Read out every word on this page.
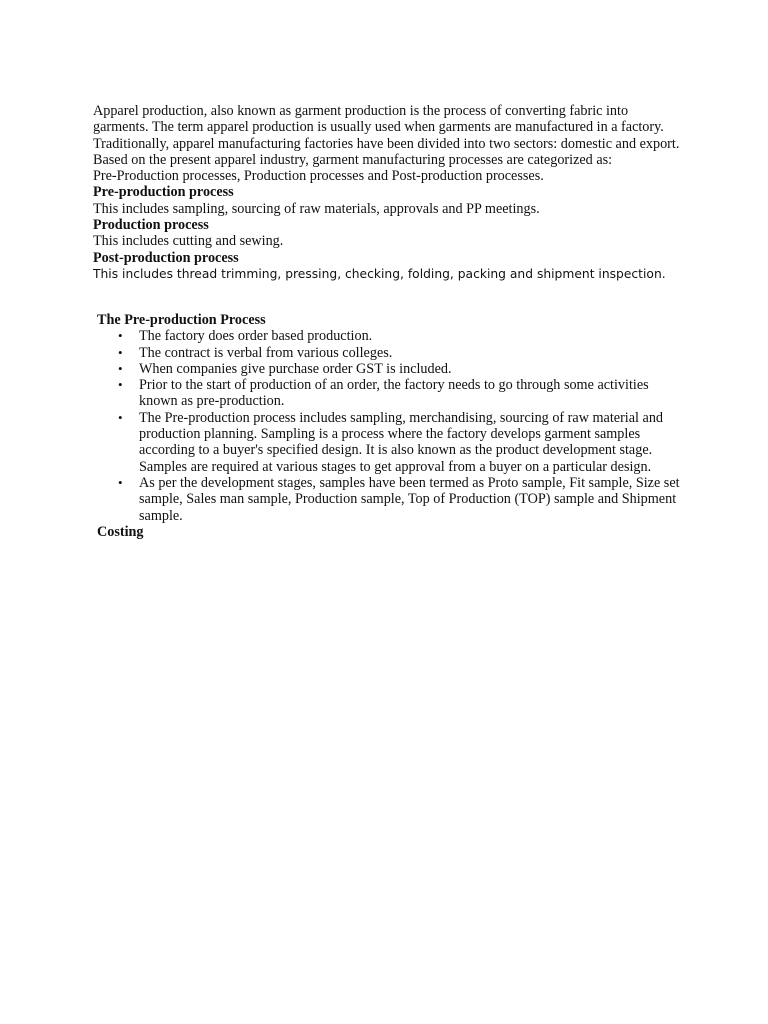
Apparel production, also known as garment production is the process of converting fabric into garments. The term apparel production is usually used when garments are manufactured in a factory. Traditionally, apparel manufacturing factories have been divided into two sectors: domestic and export. Based on the present apparel industry, garment manufacturing processes are categorized as:
Pre-Production processes, Production processes and Post-production processes.
Pre-production process
This includes sampling, sourcing of raw materials, approvals and PP meetings.
Production process
This includes cutting and sewing.
Post-production process
This includes thread trimming, pressing, checking, folding, packing and shipment inspection.
The Pre-production Process
• The factory does order based production.
• The contract is verbal from various colleges.
• When companies give purchase order GST is included.
• Prior to the start of production of an order, the factory needs to go through some activities known as pre-production.
• The Pre-production process includes sampling, merchandising, sourcing of raw material and production planning. Sampling is a process where the factory develops garment samples according to a buyer's specified design. It is also known as the product development stage. Samples are required at various stages to get approval from a buyer on a particular design.
• As per the development stages, samples have been termed as Proto sample, Fit sample, Size set sample, Sales man sample, Production sample, Top of Production (TOP) sample and Shipment sample.
Costing
